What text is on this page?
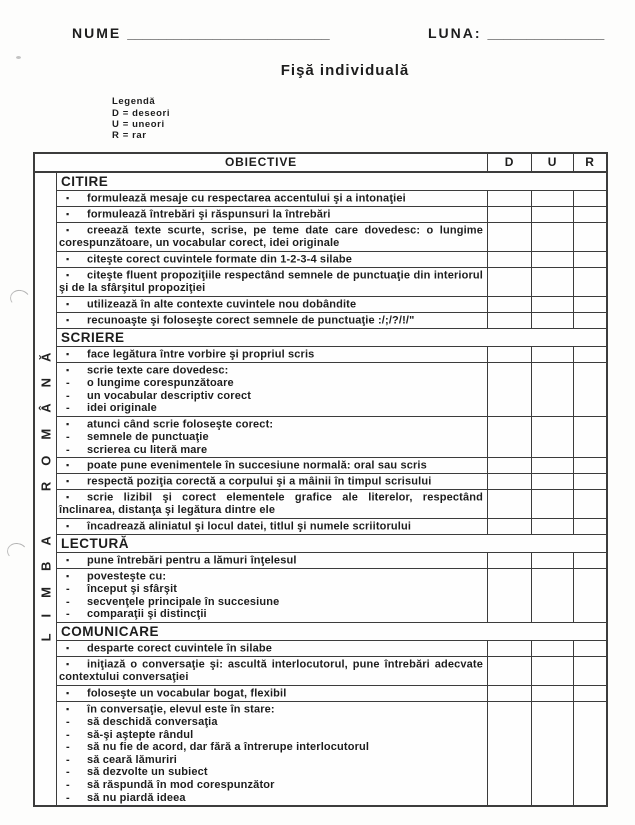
NUME __________________________	LUNA: _______________
Fişă individuală
Legendă
D = deseori
U = uneori
R = rar
OBIECTIVE	D	U	R
LIMBA ROMÂNĂ
CITIRE
▪ formulează mesaje cu respectarea accentului şi a intonaţiei
▪ formulează întrebări şi răspunsuri la întrebări
▪ creează texte scurte, scrise, pe teme date care dovedesc: o lungime corespunzătoare, un vocabular corect, idei originale
▪ citeşte corect cuvintele formate din 1-2-3-4 silabe
▪ citeşte fluent propoziţiile respectând semnele de punctuaţie din interiorul şi de la sfârşitul propoziţiei
▪ utilizează în alte contexte cuvintele nou dobândite
▪ recunoaşte şi foloseşte corect semnele de punctuaţie :/;/?/!/"
SCRIERE
▪ face legătura între vorbire şi propriul scris
▪ scrie texte care dovedesc:
- o lungime corespunzătoare
- un vocabular descriptiv corect
- idei originale
▪ atunci când scrie foloseşte corect:
- semnele de punctuaţie
- scrierea cu literă mare
▪ poate pune evenimentele în succesiune normală: oral sau scris
▪ respectă poziţia corectă a corpului şi a mâinii în timpul scrisului
▪ scrie lizibil şi corect elementele grafice ale literelor, respectând înclinarea, distanţa şi legătura dintre ele
▪ încadrează aliniatul şi locul datei, titlul şi numele scriitorului
LECTURĂ
▪ pune întrebări pentru a lămuri înţelesul
▪ povesteşte cu:
- început şi sfârşit
- secvenţele principale în succesiune
- comparaţii şi distincţii
COMUNICARE
▪ desparte corect cuvintele în silabe
▪ iniţiază o conversaţie şi: ascultă interlocutorul, pune întrebări adecvate contextului conversaţiei
▪ foloseşte un vocabular bogat, flexibil
▪ în conversaţie, elevul este în stare:
- să deschidă conversaţia
- să-şi aştepte rândul
- să nu fie de acord, dar fără a întrerupe interlocutorul
- să ceară lămuriri
- să dezvolte un subiect
- să răspundă în mod corespunzător
- să nu piardă ideea
